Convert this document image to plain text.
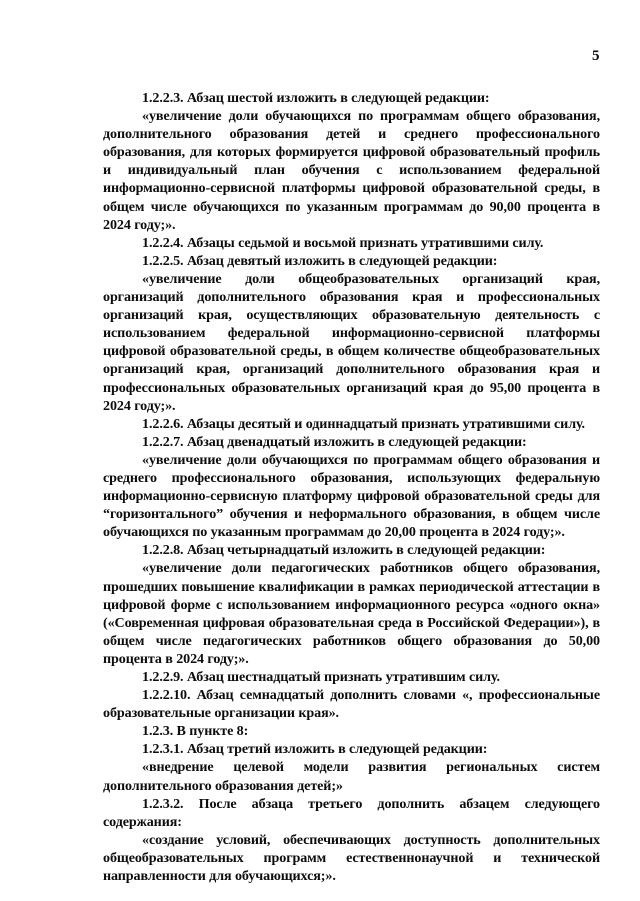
5

1.2.2.3. Абзац шестой изложить в следующей редакции:

«увеличение доли обучающихся по программам общего образования, дополнительного образования детей и среднего профессионального образования, для которых формируется цифровой образовательный профиль и индивидуальный план обучения с использованием федеральной информационно-сервисной платформы цифровой образовательной среды, в общем числе обучающихся по указанным программам до 90,00 процента в 2024 году;».

1.2.2.4. Абзацы седьмой и восьмой признать утратившими силу.

1.2.2.5. Абзац девятый изложить в следующей редакции:

«увеличение доли общеобразовательных организаций края, организаций дополнительного образования края и профессиональных организаций края, осуществляющих образовательную деятельность с использованием федеральной информационно-сервисной платформы цифровой образовательной среды, в общем количестве общеобразовательных организаций края, организаций дополнительного образования края и профессиональных образовательных организаций края до 95,00 процента в 2024 году;».

1.2.2.6. Абзацы десятый и одиннадцатый признать утратившими силу.

1.2.2.7. Абзац двенадцатый изложить в следующей редакции:

«увеличение доли обучающихся по программам общего образования и среднего профессионального образования, использующих федеральную информационно-сервисную платформу цифровой образовательной среды для “горизонтального” обучения и неформального образования, в общем числе обучающихся по указанным программам до 20,00 процента в 2024 году;».

1.2.2.8. Абзац четырнадцатый изложить в следующей редакции:

«увеличение доли педагогических работников общего образования, прошедших повышение квалификации в рамках периодической аттестации в цифровой форме с использованием информационного ресурса «одного окна» («Современная цифровая образовательная среда в Российской Федерации»), в общем числе педагогических работников общего образования до 50,00 процента в 2024 году;».

1.2.2.9. Абзац шестнадцатый признать утратившим силу.

1.2.2.10. Абзац семнадцатый дополнить словами «, профессиональные образовательные организации края».

1.2.3. В пункте 8:

1.2.3.1. Абзац третий изложить в следующей редакции:

«внедрение целевой модели развития региональных систем дополнительного образования детей;»

1.2.3.2. После абзаца третьего дополнить абзацем следующего содержания:

«создание условий, обеспечивающих доступность дополнительных общеобразовательных программ естественнонаучной и технической направленности для обучающихся;».
